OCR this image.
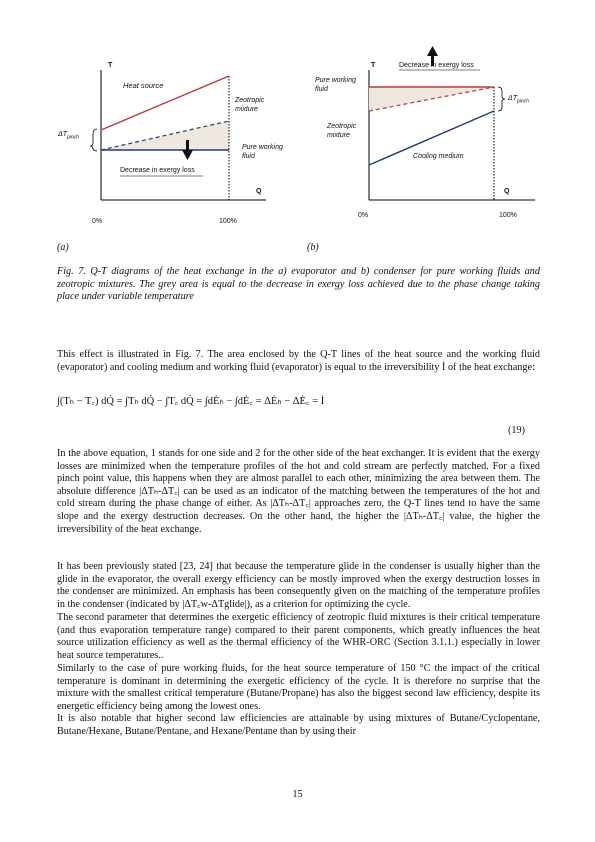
T
Heat source
Zeotropic
mixture
Pure working
fluid
Decrease in exergy loss
$\Delta T_{pinch}$
Q
0%	100%
(a)
T	Decrease in exergy loss
Pure working
fluid
Zeotropic
mixture
Cooling medium
$\Delta T_{pinch}$
Q
0%	100%
(b)
Fig. 7. Q-T diagrams of the heat exchange in the a) evaporator and b) condenser for pure working fluids and zeotropic mixtures. The grey area is equal to the decrease in exergy loss achieved due to the phase change taking place under variable temperature

This effect is illustrated in Fig. 7. The area enclosed by the Q-T lines of the heat source and the working fluid (evaporator) and cooling medium and working fluid (evaporator) is equal to the irreversibility İ of the heat exchange:

∫(Tₕ − T꜀) dQ̇ = ∫Tₕ dQ̇ − ∫T꜀ dQ̇ = ∫dĖₕ − ∫dĖ꜀ = ΔĖₕ − ΔĖ꜀ = İ
(19)

In the above equation, 1 stands for one side and 2 for the other side of the heat exchanger. It is evident that the exergy losses are minimized when the temperature profiles of the hot and cold stream are perfectly matched. For a fixed pinch point value, this happens when they are almost parallel to each other, minimizing the area between them. The absolute difference |ΔTₕ-ΔT꜀| can be used as an indicator of the matching between the temperatures of the hot and cold stream during the phase change of either. As |ΔTₕ-ΔT꜀| approaches zero, the Q-T lines tend to have the same slope and the exergy destruction decreases. On the other hand, the higher the |ΔTₕ-ΔT꜀| value, the higher the irreversibility of the heat exchange.

It has been previously stated [23, 24] that because the temperature glide in the condenser is usually higher than the glide in the evaporator, the overall exergy efficiency can be mostly improved when the exergy destruction losses in the condenser are minimized. An emphasis has been consequently given on the matching of the temperature profiles in the condenser (indicated by |ΔT꜀w-ΔTglide|), as a criterion for optimizing the cycle.

The second parameter that determines the exergetic efficiency of zeotropic fluid mixtures is their critical temperature (and thus evaporation temperature range) compared to their parent components, which greatly influences the heat source utilization efficiency as well as the thermal efficiency of the WHR-ORC (Section 3.1.1.) especially in lower heat source temperatures..

Similarly to the case of pure working fluids, for the heat source temperature of 150 °C the impact of the critical temperature is dominant in determining the exergetic efficiency of the cycle. It is therefore no surprise that the mixture with the smallest critical temperature (Butane/Propane) has also the biggest second law efficiency, despite its energetic efficiency being among the lowest ones.

It is also notable that higher second law efficiencies are attainable by using mixtures of Butane/Cyclopentane, Butane/Hexane, Butane/Pentane, and Hexane/Pentane than by using their

15
